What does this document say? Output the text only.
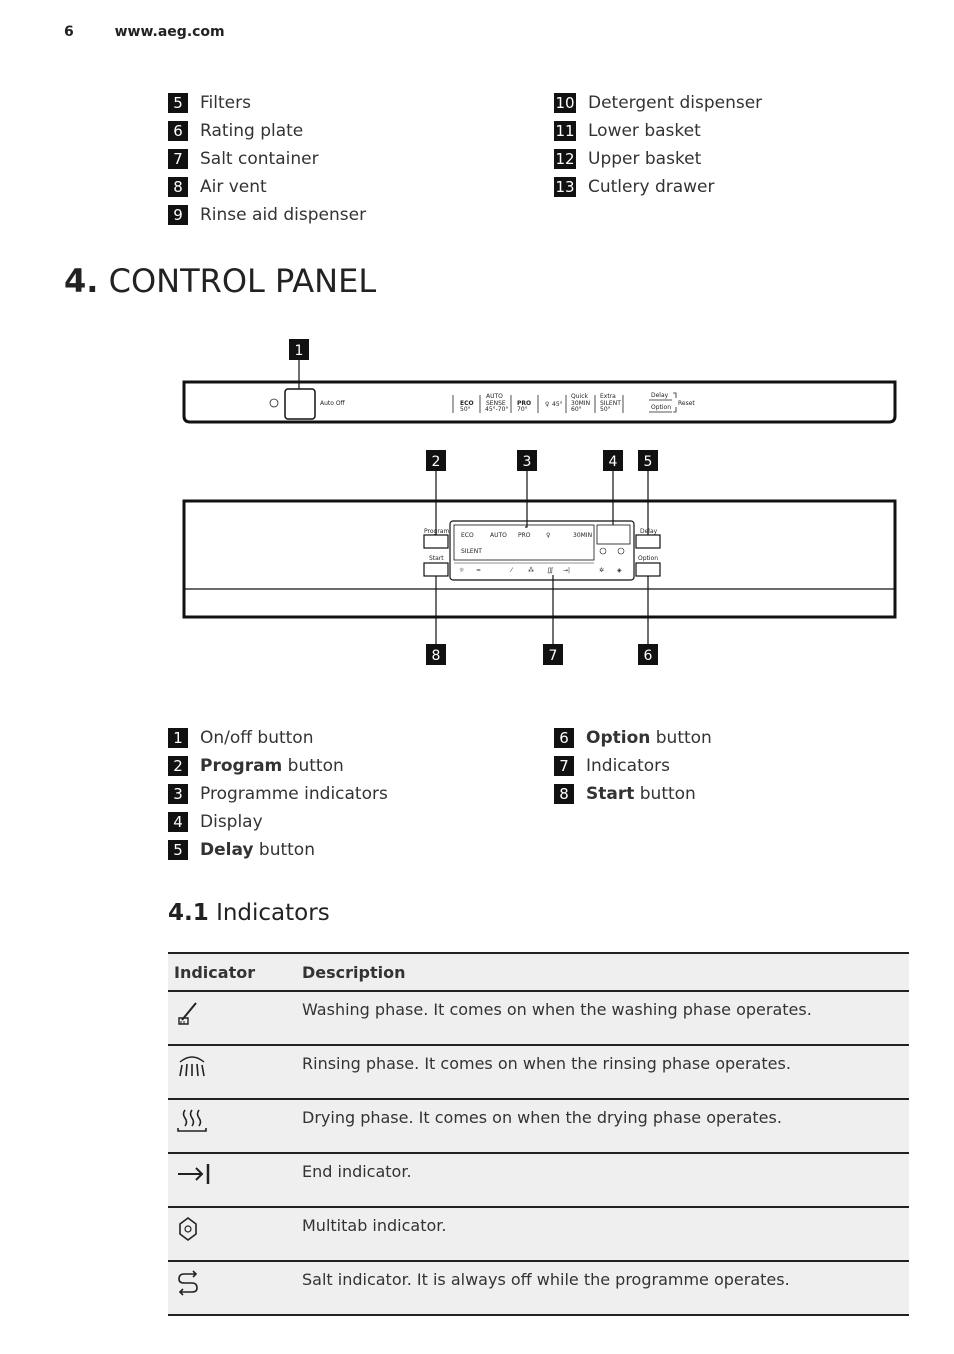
6	www.aeg.com
5	Filters
6	Rating plate
7	Salt container
8	Air vent
9	Rinse aid dispenser
10 Detergent dispenser
11 Lower basket
12 Upper basket
13 Cutlery drawer
4. CONTROL PANEL
Auto Off	ECO
50°
AUTO
SENSE
45°-70°
PRO
70°
♀ 45°
Quick
30MIN
60°
Extra
SILENT
50°
Delay
Option
Reset
Program
Start
ECO	AUTO PRO	♀	30MIN
SILENT
☼ ≈	⁄	⁂ ∭ →|	✲ ◈
Delay
Option
1
2	3	4 5
6
7
8
1	On/off button
2	Program button
3	Programme indicators
4	Display
5	Delay button
6	Option button
7	Indicators
8	Start button
4.1 Indicators
Indicator	Description
	Washing phase. It comes on when the washing phase operates.
	Rinsing phase. It comes on when the rinsing phase operates.
	Drying phase. It comes on when the drying phase operates.
	End indicator.
	Multitab indicator.
	Salt indicator. It is always off while the programme operates.
